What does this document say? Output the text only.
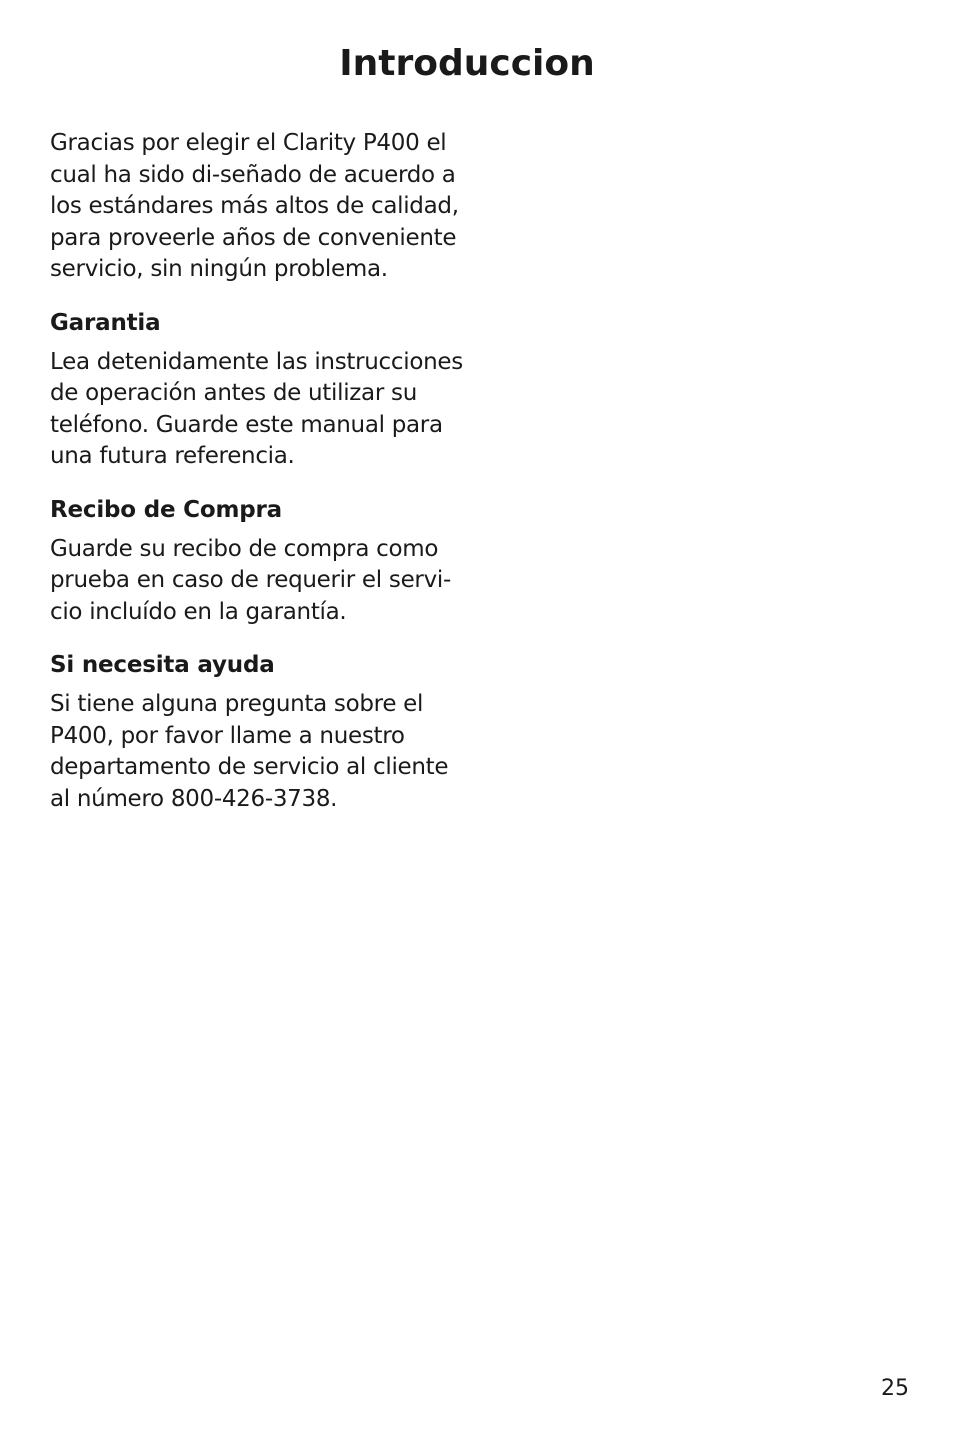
Introduccion

Gracias por elegir el Clarity P400 el
cual ha sido di-señado de acuerdo a
los estándares más altos de calidad,
para proveerle años de conveniente
servicio, sin ningún problema.

Garantia

Lea detenidamente las instrucciones
de operación antes de utilizar su
teléfono. Guarde este manual para
una futura referencia.

Recibo de Compra

Guarde su recibo de compra como
prueba en caso de requerir el servi-
cio incluído en la garantía.

Si necesita ayuda

Si tiene alguna pregunta sobre el
P400, por favor llame a nuestro
departamento de servicio al cliente
al número 800-426-3738.

25
